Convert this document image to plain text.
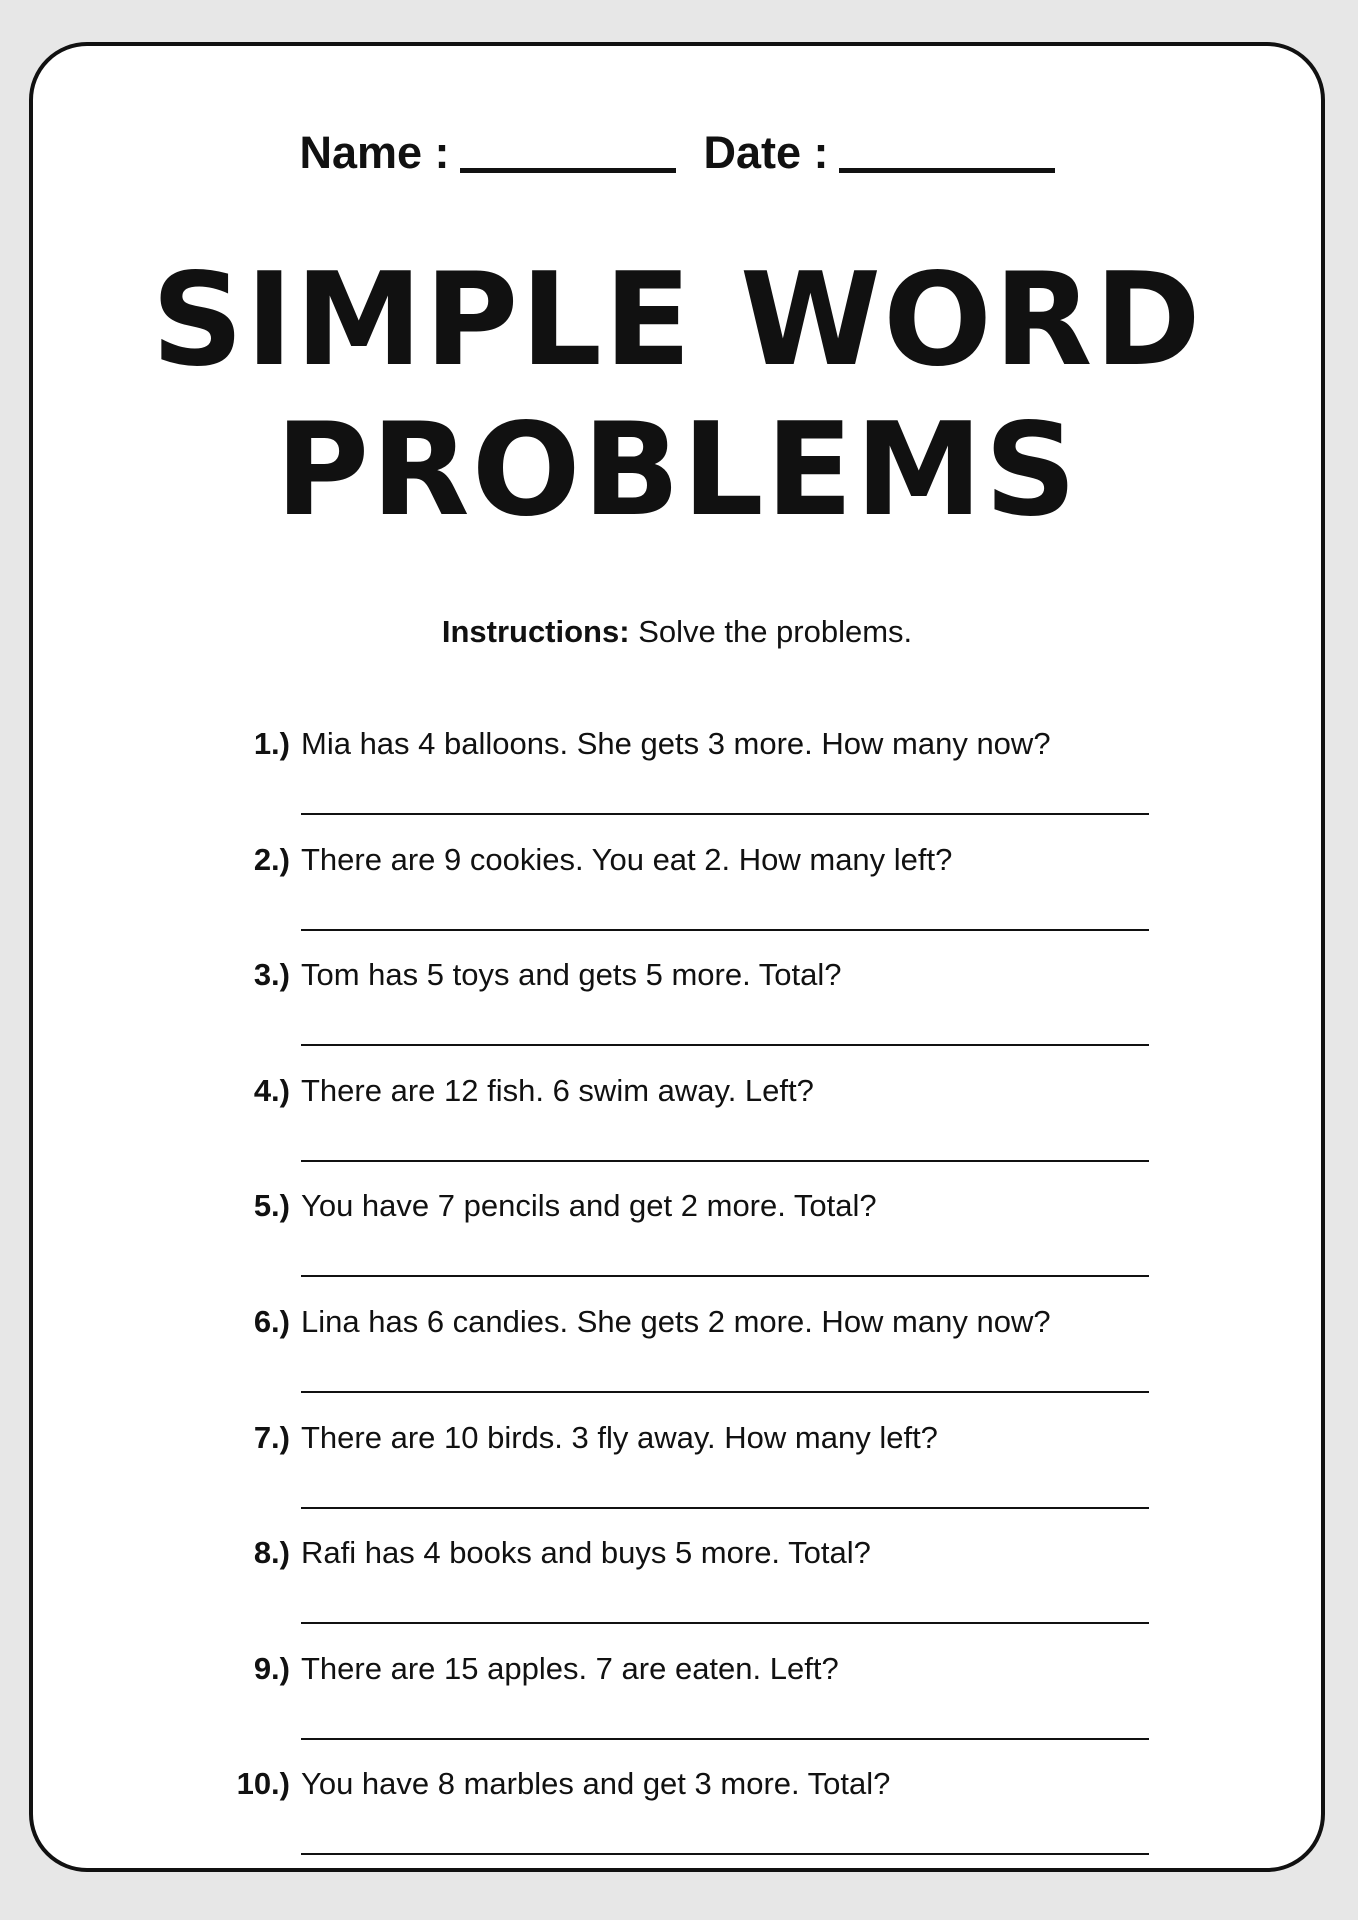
Name :	Date :
SIMPLE WORD
PROBLEMS
Instructions: Solve the problems.
1.) Mia has 4 balloons. She gets 3 more. How many now?
2.) There are 9 cookies. You eat 2. How many left?
3.) Tom has 5 toys and gets 5 more. Total?
4.) There are 12 fish. 6 swim away. Left?
5.) You have 7 pencils and get 2 more. Total?
6.) Lina has 6 candies. She gets 2 more. How many now?
7.) There are 10 birds. 3 fly away. How many left?
8.) Rafi has 4 books and buys 5 more. Total?
9.) There are 15 apples. 7 are eaten. Left?
10.) You have 8 marbles and get 3 more. Total?
